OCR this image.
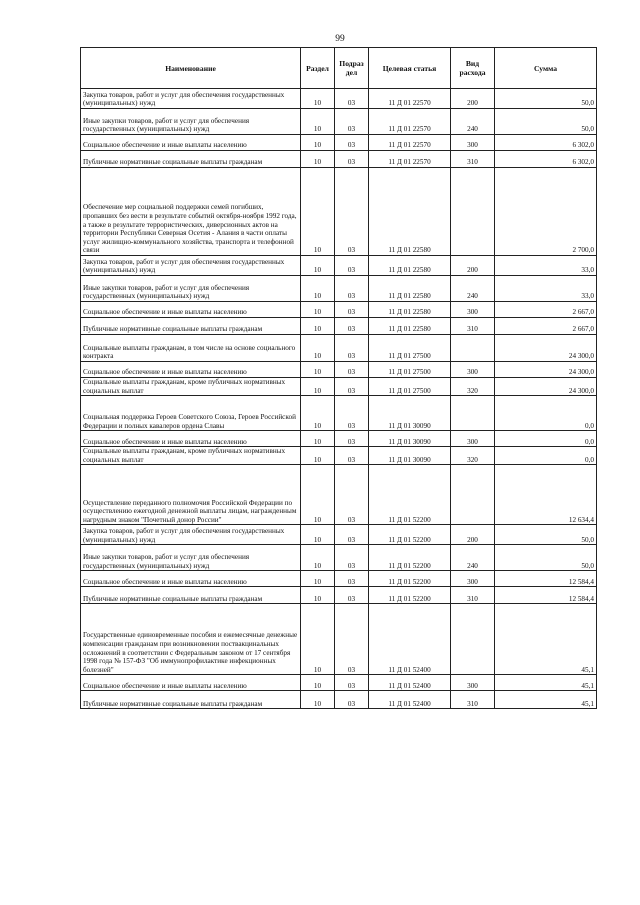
99
Наименование	Раздел	Подраз дел	Целевая статья	Вид расхода	Сумма
Закупка товаров, работ и услуг для обеспечения государственных (муниципальных) нужд	10	03	11 Д 01 22570	200	50,0
Иные закупки товаров, работ и услуг для обеспечения государственных (муниципальных) нужд	10	03	11 Д 01 22570	240	50,0
Социальное обеспечение и иные выплаты населению	10	03	11 Д 01 22570	300	6 302,0
Публичные нормативные социальные выплаты гражданам	10	03	11 Д 01 22570	310	6 302,0
Обеспечение мер социальной поддержки семей погибших, пропавших без вести в результате событий октября-ноября 1992 года, а также в результате террористических, диверсионных актов на территории Республики Северная Осетия - Алания в части оплаты услуг жилищно-коммунального хозяйства, транспорта и телефонной связи	10	03	11 Д 01 22580		2 700,0
Закупка товаров, работ и услуг для обеспечения государственных (муниципальных) нужд	10	03	11 Д 01 22580	200	33,0
Иные закупки товаров, работ и услуг для обеспечения государственных (муниципальных) нужд	10	03	11 Д 01 22580	240	33,0
Социальное обеспечение и иные выплаты населению	10	03	11 Д 01 22580	300	2 667,0
Публичные нормативные социальные выплаты гражданам	10	03	11 Д 01 22580	310	2 667,0
Социальные выплаты гражданам, в том числе на основе социального контракта	10	03	11 Д 01 27500		24 300,0
Социальное обеспечение и иные выплаты населению	10	03	11 Д 01 27500	300	24 300,0
Социальные выплаты гражданам, кроме публичных нормативных социальных выплат	10	03	11 Д 01 27500	320	24 300,0
Социальная поддержка Героев Советского Союза, Героев Российской Федерации и полных кавалеров ордена Славы	10	03	11 Д 01 30090		0,0
Социальное обеспечение и иные выплаты населению	10	03	11 Д 01 30090	300	0,0
Социальные выплаты гражданам, кроме публичных нормативных социальных выплат	10	03	11 Д 01 30090	320	0,0
Осуществление переданного полномочия Российской Федерации по осуществлению ежегодной денежной выплаты лицам, награжденным нагрудным знаком "Почетный донор России"	10	03	11 Д 01 52200		12 634,4
Закупка товаров, работ и услуг для обеспечения государственных (муниципальных) нужд	10	03	11 Д 01 52200	200	50,0
Иные закупки товаров, работ и услуг для обеспечения государственных (муниципальных) нужд	10	03	11 Д 01 52200	240	50,0
Социальное обеспечение и иные выплаты населению	10	03	11 Д 01 52200	300	12 584,4
Публичные нормативные социальные выплаты гражданам	10	03	11 Д 01 52200	310	12 584,4
Государственные единовременные пособия и ежемесячные денежные компенсации гражданам при возникновении поствакцинальных осложнений в соответствии с Федеральным законом от 17 сентября 1998 года № 157-ФЗ "Об иммунопрофилактике инфекционных болезней"	10	03	11 Д 01 52400		45,1
Социальное обеспечение и иные выплаты населению	10	03	11 Д 01 52400	300	45,1
Публичные нормативные социальные выплаты гражданам	10	03	11 Д 01 52400	310	45,1
